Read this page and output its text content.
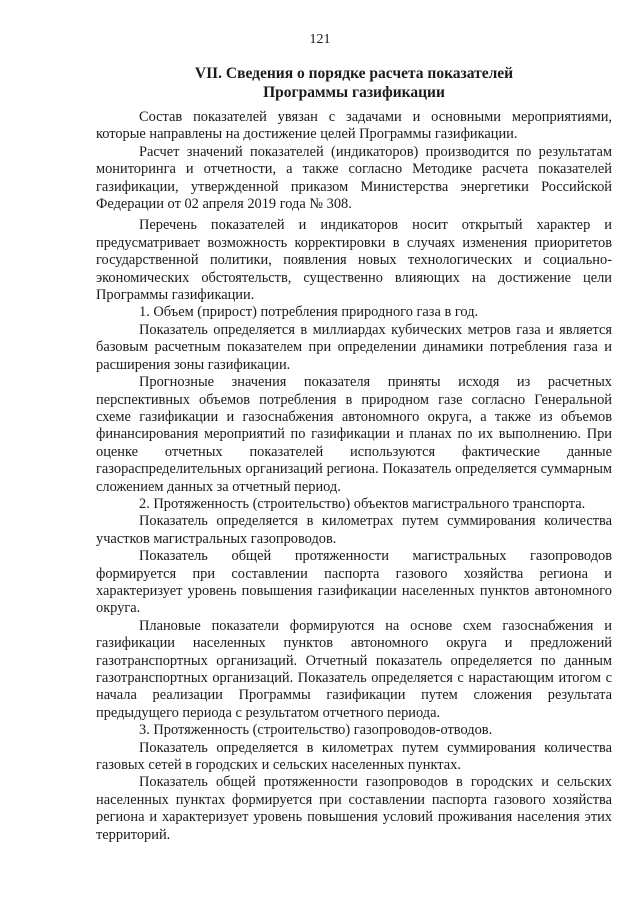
121
VII. Сведения о порядке расчета показателей
Программы газификации

Состав показателей увязан с задачами и основными мероприятиями, которые направлены на достижение целей Программы газификации.

Расчет значений показателей (индикаторов) производится по результатам мониторинга и отчетности, а также согласно Методике расчета показателей газификации, утвержденной приказом Министерства энергетики Российской Федерации от 02 апреля 2019 года № 308.

Перечень показателей и индикаторов носит открытый характер и предусматривает возможность корректировки в случаях изменения приоритетов государственной политики, появления новых технологических и социально-экономических обстоятельств, существенно влияющих на достижение цели Программы газификации.

1. Объем (прирост) потребления природного газа в год.

Показатель определяется в миллиардах кубических метров газа и является базовым расчетным показателем при определении динамики потребления газа и расширения зоны газификации.

Прогнозные значения показателя приняты исходя из расчетных перспективных объемов потребления в природном газе согласно Генеральной схеме газификации и газоснабжения автономного округа, а также из объемов финансирования мероприятий по газификации и планах по их выполнению. При оценке отчетных показателей используются фактические данные газораспределительных организаций региона. Показатель определяется суммарным сложением данных за отчетный период.

2. Протяженность (строительство) объектов магистрального транспорта.

Показатель определяется в километрах путем суммирования количества участков магистральных газопроводов.

Показатель общей протяженности магистральных газопроводов формируется при составлении паспорта газового хозяйства региона и характеризует уровень повышения газификации населенных пунктов автономного округа.

Плановые показатели формируются на основе схем газоснабжения и газификации населенных пунктов автономного округа и предложений газотранспортных организаций. Отчетный показатель определяется по данным газотранспортных организаций. Показатель определяется с нарастающим итогом с начала реализации Программы газификации путем сложения результата предыдущего периода с результатом отчетного периода.

3. Протяженность (строительство) газопроводов-отводов.

Показатель определяется в километрах путем суммирования количества газовых сетей в городских и сельских населенных пунктах.

Показатель общей протяженности газопроводов в городских и сельских населенных пунктах формируется при составлении паспорта газового хозяйства региона и характеризует уровень повышения условий проживания населения этих территорий.
